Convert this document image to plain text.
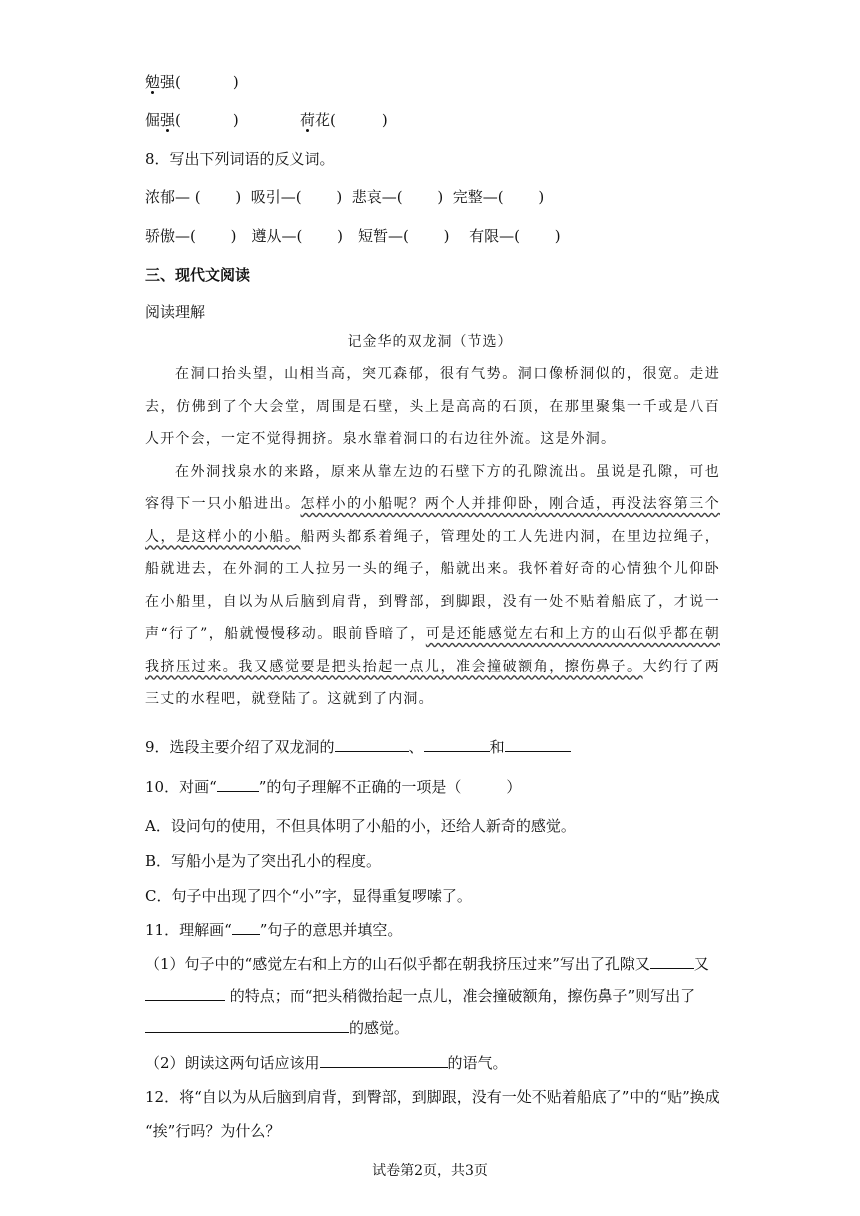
勉强(	)
倔强(	)	荷花(	)
8．写出下列词语的反义词。
浓郁— (　　 )  吸引—(　　 )  悲哀—(　　 )  完整—(　　 )
骄傲—(　　 )　遵从—(　　 )　短暂—(　　 )　 有限—(　　 )
三、现代文阅读
阅读理解
记金华的双龙洞（节选）

在洞口抬头望，山相当高，突兀森郁，很有气势。洞口像桥洞似的，很宽。走进去，仿佛到了个大会堂，周围是石壁，头上是高高的石顶，在那里聚集一千或是八百人开个会，一定不觉得拥挤。泉水靠着洞口的右边往外流。这是外洞。

在外洞找泉水的来路，原来从靠左边的石壁下方的孔隙流出。虽说是孔隙，可也容得下一只小船进出。怎样小的小船呢？两个人并排仰卧，刚合适，再没法容第三个人，是这样小的小船。船两头都系着绳子，管理处的工人先进内洞，在里边拉绳子，船就进去，在外洞的工人拉另一头的绳子，船就出来。我怀着好奇的心情独个儿仰卧在小船里，自以为从后脑到肩背，到臀部，到脚跟，没有一处不贴着船底了，才说一声“行了”，船就慢慢移动。眼前昏暗了，可是还能感觉左右和上方的山石似乎都在朝我挤压过来。我又感觉要是把头抬起一点儿，准会撞破额角，擦伤鼻子。大约行了两三丈的水程吧，就登陆了。这就到了内洞。

9．选段主要介绍了双龙洞的	、	和
10．对画“	”的句子理解不正确的一项是（　　　）
A．设问句的使用，不但具体明了小船的小，还给人新奇的感觉。
B．写船小是为了突出孔小的程度。
C．句子中出现了四个“小”字，显得重复啰嗦了。
11．理解画“ ”句子的意思并填空。
（1）句子中的“感觉左右和上方的山石似乎都在朝我挤压过来”写出了孔隙又	又
的特点；而“把头稍微抬起一点儿，准会撞破额角，擦伤鼻子”则写出了
的感觉。
（2）朗读这两句话应该用	的语气。
12．将“自以为从后脑到肩背，到臀部，到脚跟，没有一处不贴着船底了”中的“贴”换成
“挨”行吗？为什么？
试卷第2页，共3页
